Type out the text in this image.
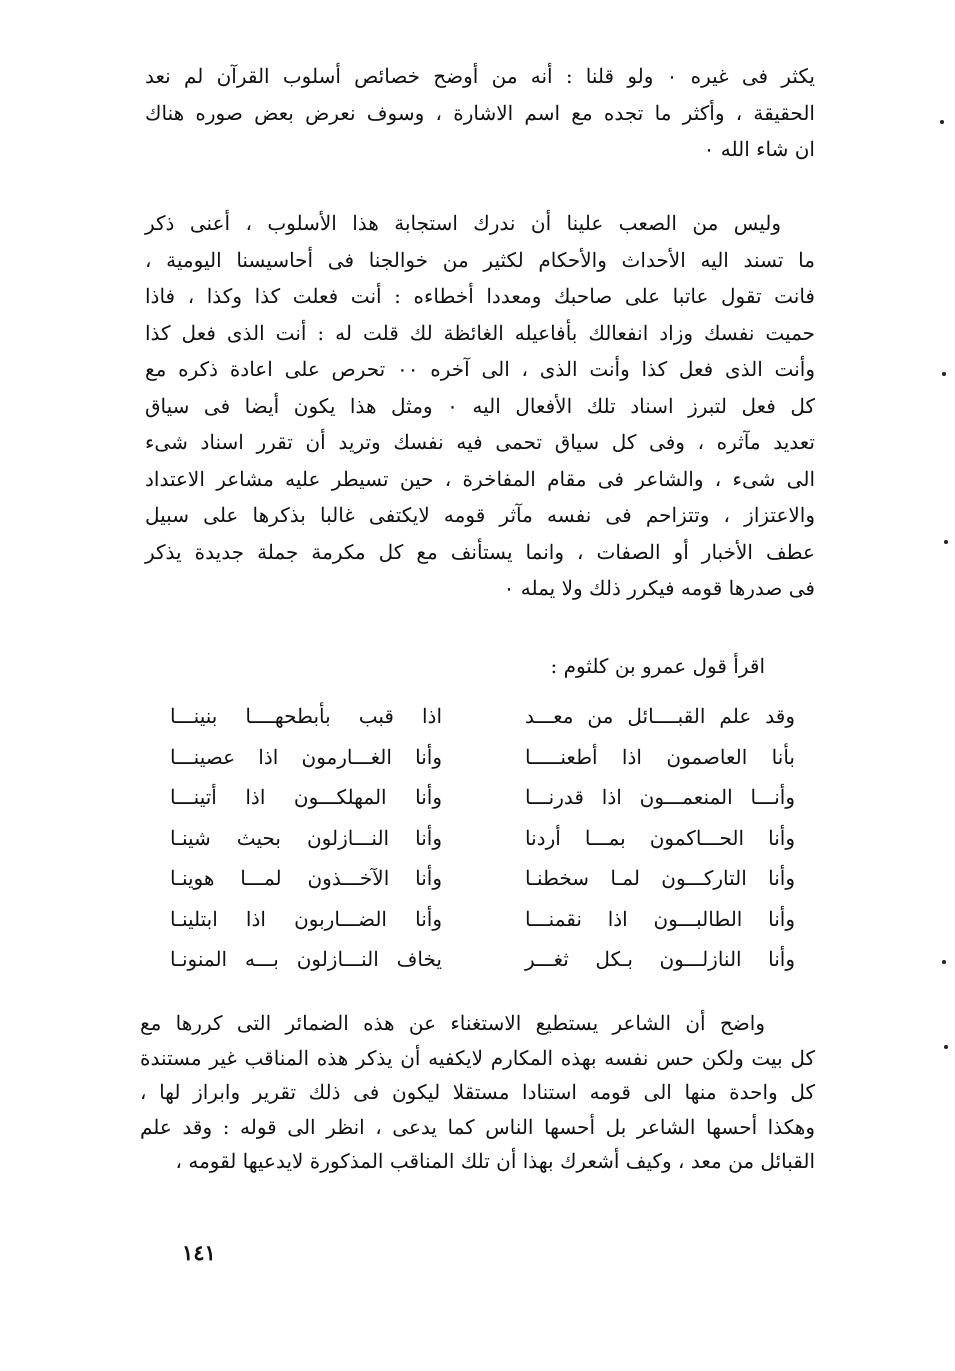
يكثر فى غيره ٠ ولو قلنا : أنه من أوضح خصائص أسلوب القرآن لم نعد
الحقيقة ، وأكثر ما تجده مع اسم الاشارة ، وسوف نعرض بعض صوره هناك
ان شاء الله ٠
وليس من الصعب علينا أن ندرك استجابة هذا الأسلوب ، أعنى ذكر
ما تسند اليه الأحداث والأحكام لكثير من خوالجنا فى أحاسيسنا اليومية ،
فانت تقول عاتبا على صاحبك ومعددا أخطاءه : أنت فعلت كذا وكذا ، فاذا
حميت نفسك وزاد انفعالك بأفاعيله الغائظة لك قلت له : أنت الذى فعل كذا
وأنت الذى فعل كذا وأنت الذى ، الى آخره ٠٠ تحرص على اعادة ذكره مع
كل فعل لتبرز اسناد تلك الأفعال اليه ٠ ومثل هذا يكون أيضا فى سياق
تعديد مآثره ، وفى كل سياق تحمى فيه نفسك وتريد أن تقرر اسناد شىء
الى شىء ، والشاعر فى مقام المفاخرة ، حين تسيطر عليه مشاعر الاعتداد
والاعتزاز ، وتتزاحم فى نفسه مآثر قومه لايكتفى غالبا بذكرها على سبيل
عطف الأخبار أو الصفات ، وانما يستأنف مع كل مكرمة جملة جديدة يذكر
فى صدرها قومه فيكرر ذلك ولا يمله ٠
اقرأ قول عمرو بن كلثوم :
وقد علم القبــــائل من معـــد
اذا قبب بأبطحهــــا بنينـــا
بأنا العاصمون اذا أطعنـــــا
وأنا الغـــارمون اذا عصينـــا
وأنـــا المنعمـــون اذا قدرنـــا
وأنا المهلكـــون اذا أتينـــا
وأنا الحـــاكمون بمـــا أردنا
وأنا النـــازلون بحيث شينـا
وأنا التاركـــون لمـا سخطنـا
وأنا الآخـــذون لمـــا هوينـا
وأنا الطالبـــون اذا نقمنـــا
وأنا الضـــاربون اذا ابتلينـا
وأنا النازلـــون بـكل ثغـــر
يخاف النـــازلون بـــه المنونـا
واضح أن الشاعر يستطيع الاستغناء عن هذه الضمائر التى كررها مع
كل بيت ولكن حس نفسه بهذه المكارم لايكفيه أن يذكر هذه المناقب غير مستندة
كل واحدة منها الى قومه استنادا مستقلا ليكون فى ذلك تقرير وابراز لها ،
وهكذا أحسها الشاعر بل أحسها الناس كما يدعى ، انظر الى قوله : وقد علم
القبائل من معد ، وكيف أشعرك بهذا أن تلك المناقب المذكورة لايدعيها لقومه ،
١٤١
